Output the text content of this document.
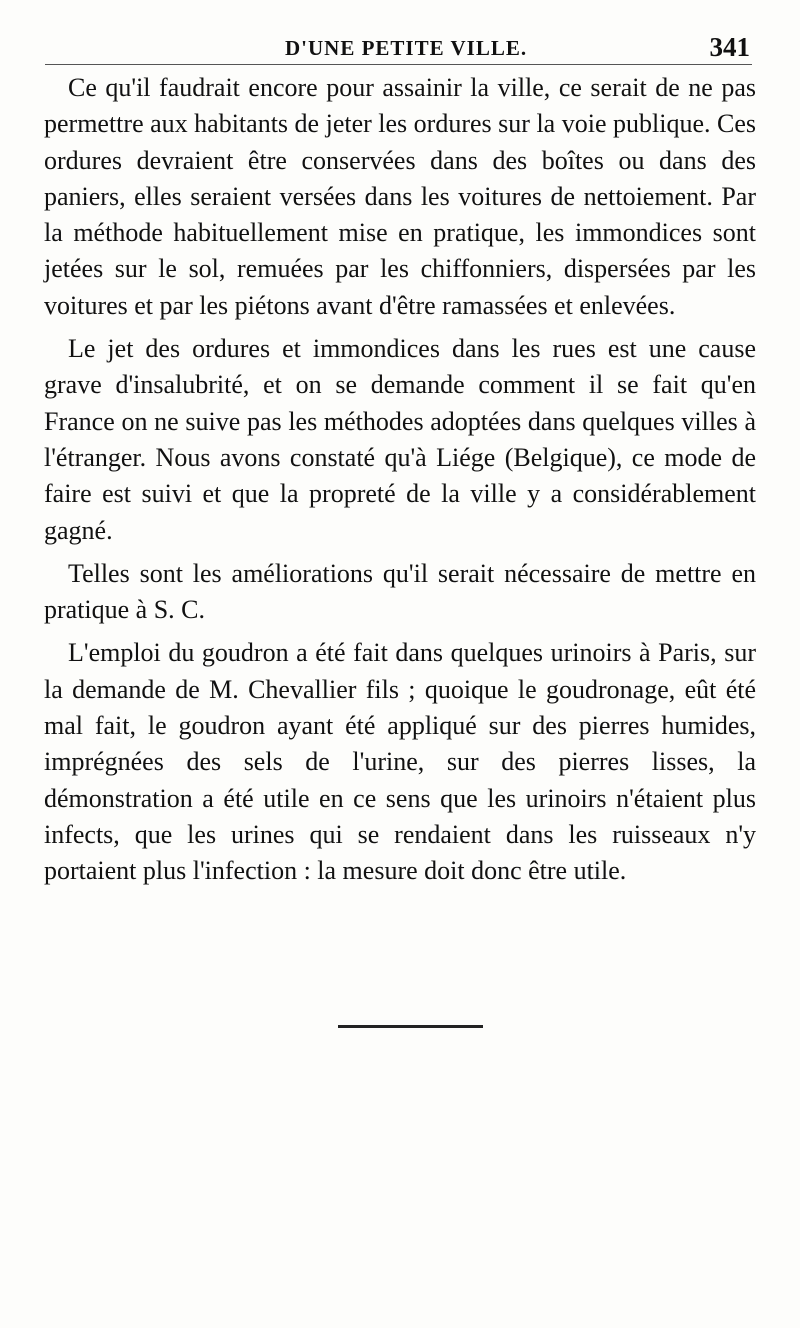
D'UNE PETITE VILLE.	341

Ce qu'il faudrait encore pour assainir la ville, ce serait de ne pas permettre aux habitants de jeter les ordures sur la voie publique. Ces ordures devraient être conservées dans des boîtes ou dans des paniers, elles seraient versées dans les voitures de nettoiement. Par la méthode habituellement mise en pratique, les immondices sont jetées sur le sol, remuées par les chiffonniers, dispersées par les voitures et par les piétons avant d'être ramassées et enlevées.

Le jet des ordures et immondices dans les rues est une cause grave d'insalubrité, et on se demande comment il se fait qu'en France on ne suive pas les méthodes adoptées dans quelques villes à l'étranger. Nous avons constaté qu'à Liége (Belgique), ce mode de faire est suivi et que la propreté de la ville y a considérablement gagné.

Telles sont les améliorations qu'il serait nécessaire de mettre en pratique à S. C.

L'emploi du goudron a été fait dans quelques urinoirs à Paris, sur la demande de M. Chevallier fils ; quoique le goudronage, eût été mal fait, le goudron ayant été appliqué sur des pierres humides, imprégnées des sels de l'urine, sur des pierres lisses, la démonstration a été utile en ce sens que les urinoirs n'étaient plus infects, que les urines qui se rendaient dans les ruisseaux n'y portaient plus l'infection : la mesure doit donc être utile.
